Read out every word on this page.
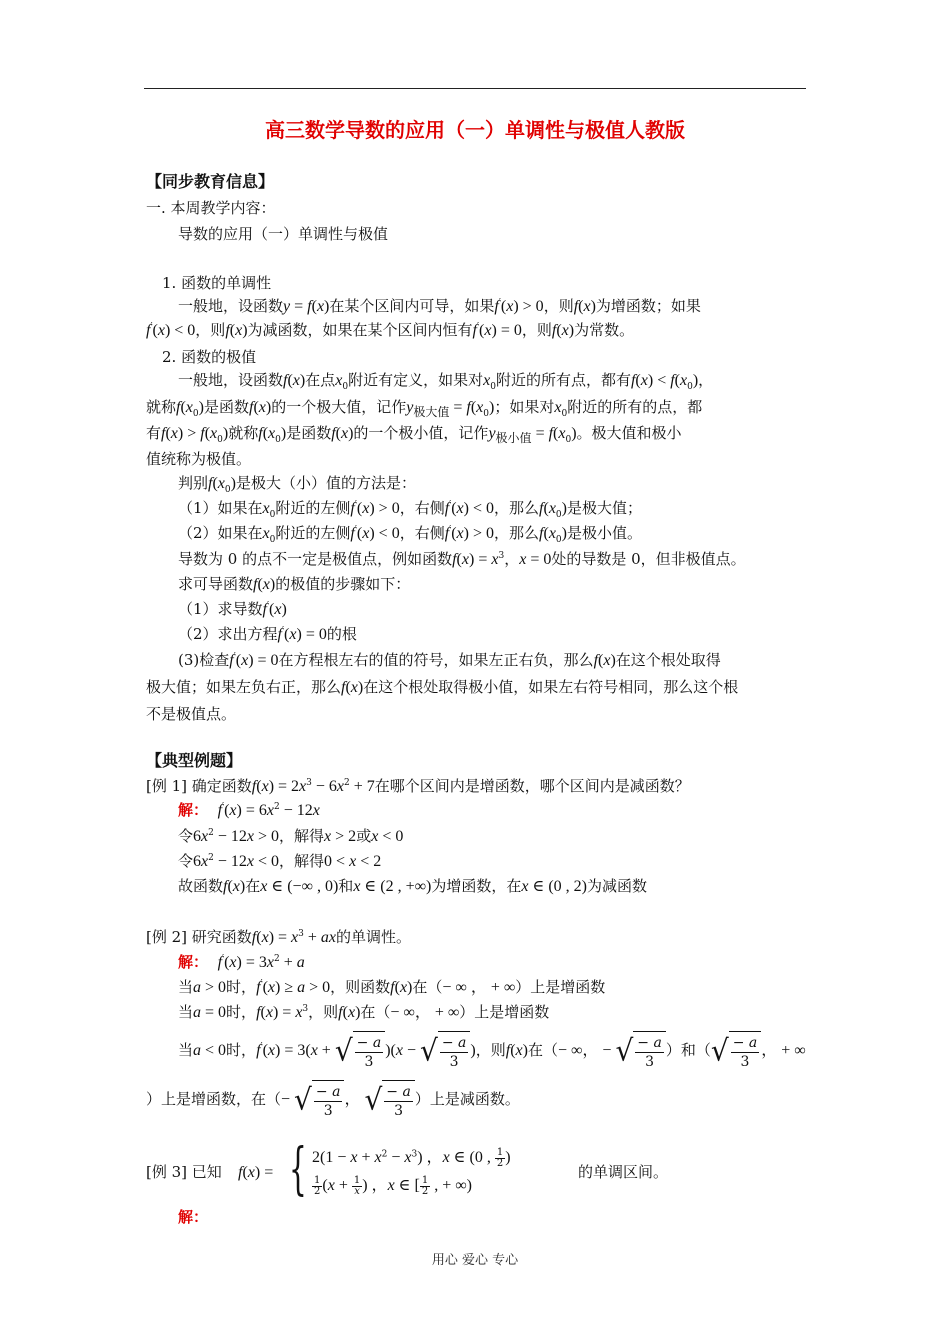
高三数学导数的应用（一）单调性与极值人教版
【同步教育信息】
一. 本周教学内容：
导数的应用（一）单调性与极值
1. 函数的单调性
一般地，设函数y = f(x)在某个区间内可导，如果f′(x) > 0，则f(x)为增函数；如果
f′(x) < 0，则f(x)为减函数，如果在某个区间内恒有f′(x) = 0，则f(x)为常数。
2. 函数的极值
一般地，设函数f(x)在点$x_0$附近有定义，如果对$x_0$附近的所有点，都有$f(x) < f(x_0)$，
就称$f(x_0)$是函数f(x)的一个极大值，记作$y_{极大值} = f(x_0)$；如果对$x_0$附近的所有的点，都
有$f(x) > f(x_0)$就称$f(x_0)$是函数f(x)的一个极小值，记作$y_{极小值} = f(x_0)$。极大值和极小
值统称为极值。
判别$f(x_0)$是极大（小）值的方法是：
（1）如果在$x_0$附近的左侧f′(x) > 0，右侧f′(x) < 0，那么$f(x_0)$是极大值；
（2）如果在$x_0$附近的左侧f′(x) < 0，右侧f′(x) > 0，那么$f(x_0)$是极小值。
导数为 0 的点不一定是极值点，例如函数$f(x) = x^3$，x = 0处的导数是 0，但非极值点。
求可导函数f(x)的极值的步骤如下：
（1）求导数f′(x)
（2）求出方程f′(x) = 0的根
(3)检查f′(x) = 0在方程根左右的值的符号，如果左正右负，那么f(x)在这个根处取得
极大值；如果左负右正，那么f(x)在这个根处取得极小值，如果左右符号相同，那么这个根
不是极值点。
【典型例题】
[例 1] 确定函数$f(x) = 2x^3 - 6x^2 + 7$在哪个区间内是增函数，哪个区间内是减函数？
解： $f'(x) = 6x^2 - 12x$
令$6x^2 - 12x > 0$，解得x > 2或x < 0
令$6x^2 - 12x < 0$，解得0 < x < 2
故函数f(x)在x ∈ (−∞ , 0)和x ∈ (2 , +∞)为增函数，在x ∈ (0 , 2)为减函数
[例 2] 研究函数$f(x) = x^3$ + ax的单调性。
解： $f'(x) = 3x^2 + a$
当a > 0时，f′(x) ≥ a > 0，则函数f(x)在（− ∞ ， + ∞）上是增函数
当a = 0时，$f(x) = x^3$，则f(x)在（− ∞， + ∞）上是增函数
当a < 0时，f′(x) = 3(x + √ $\frac{- a}{3} )(x$ − √ $\frac{- a}{3}$ )，则f(x)在（− ∞， − √ $\frac{- a}{3}$ ）和（√ $\frac{- a}{3}$ ， + ∞
）上是增函数，在（− √ $\frac{- a}{3}$ ， √ $\frac{- a}{3}$ ）上是减函数。
[例 3] 已知 f(x) = { $2(1 - x + x^2 - x^3)$ ，x ∈ (0 , $\frac{1}{2}$ )
$\frac{1}{2} (x + \frac{1}{x}$ ) ，x ∈ [ $\frac{1}{2}$ , + ∞)
的单调区间。
解：
用心 爱心 专心
